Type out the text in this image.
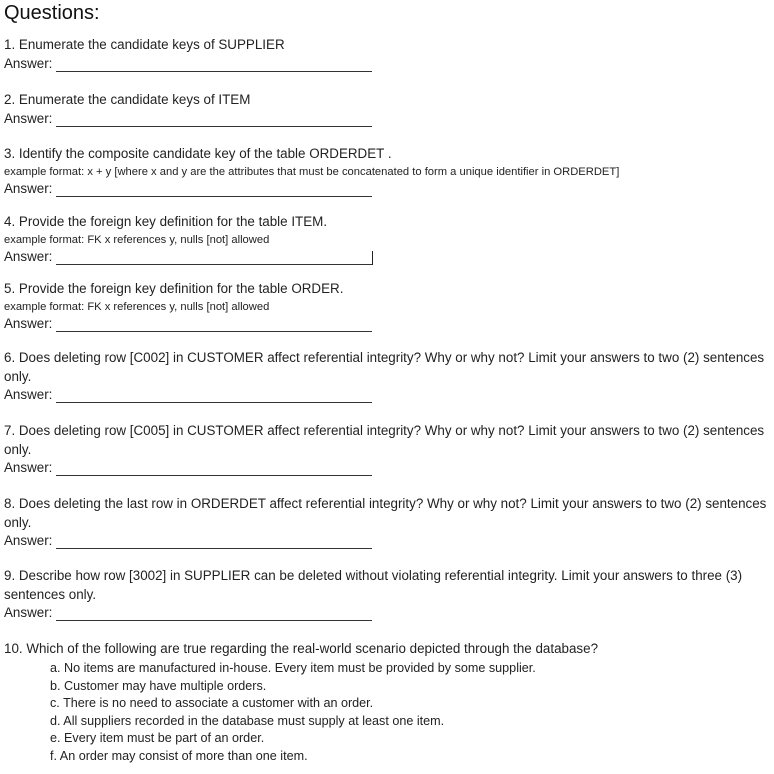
Questions:
1. Enumerate the candidate keys of SUPPLIER
Answer:
2. Enumerate the candidate keys of ITEM
Answer:
3. Identify the composite candidate key of the table ORDERDET .
example format: x + y [where x and y are the attributes that must be concatenated to form a unique identifier in ORDERDET]
Answer:
4. Provide the foreign key definition for the table ITEM.
example format: FK x references y, nulls [not] allowed
Answer:
5. Provide the foreign key definition for the table ORDER.
example format: FK x references y, nulls [not] allowed
Answer:
6. Does deleting row [C002] in CUSTOMER affect referential integrity? Why or why not? Limit your answers to two (2) sentences only.
Answer:
7. Does deleting row [C005] in CUSTOMER affect referential integrity? Why or why not? Limit your answers to two (2) sentences only.
Answer:
8. Does deleting the last row in ORDERDET affect referential integrity? Why or why not? Limit your answers to two (2) sentences only.
Answer:
9. Describe how row [3002] in SUPPLIER can be deleted without violating referential integrity. Limit your answers to three (3) sentences only.
Answer:
10. Which of the following are true regarding the real-world scenario depicted through the database?
a. No items are manufactured in-house. Every item must be provided by some supplier.
b. Customer may have multiple orders.
c. There is no need to associate a customer with an order.
d. All suppliers recorded in the database must supply at least one item.
e. Every item must be part of an order.
f. An order may consist of more than one item.
